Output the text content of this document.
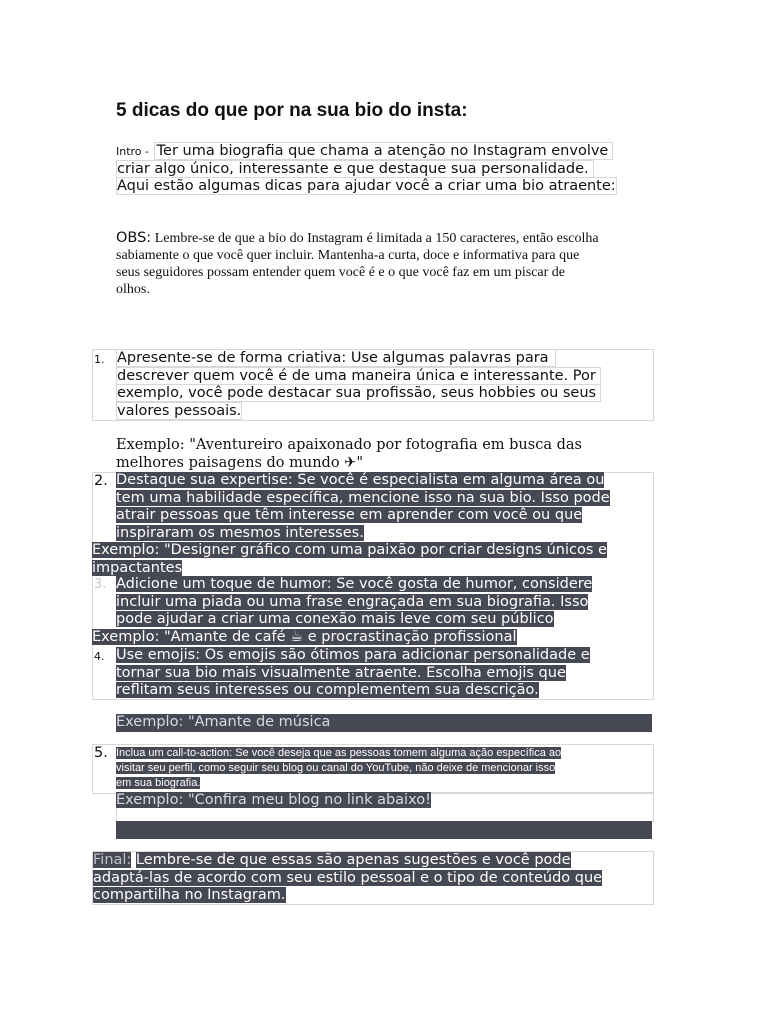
5 dicas do que por na sua bio do insta:
Intro - Ter uma biografia que chama a atenção no Instagram envolve
criar algo único, interessante e que destaque sua personalidade.
Aqui estão algumas dicas para ajudar você a criar uma bio atraente:
OBS: Lembre-se de que a bio do Instagram é limitada a 150 caracteres, então escolha
sabiamente o que você quer incluir. Mantenha-a curta, doce e informativa para que
seus seguidores possam entender quem você é e o que você faz em um piscar de
olhos.
1. Apresente-se de forma criativa: Use algumas palavras para
descrever quem você é de uma maneira única e interessante. Por
exemplo, você pode destacar sua profissão, seus hobbies ou seus
valores pessoais.
Exemplo: "Aventureiro apaixonado por fotografia em busca das
melhores paisagens do mundo ✈"
2. Destaque sua expertise: Se você é especialista em alguma área ou
tem uma habilidade específica, mencione isso na sua bio. Isso pode
atrair pessoas que têm interesse em aprender com você ou que
inspiraram os mesmos interesses.
Exemplo: "Designer gráfico com uma paixão por criar designs únicos e
impactantes
3. Adicione um toque de humor: Se você gosta de humor, considere
incluir uma piada ou uma frase engraçada em sua biografia. Isso
pode ajudar a criar uma conexão mais leve com seu público
Exemplo: "Amante de café ☕ e procrastinação profissional
4. Use emojis: Os emojis são ótimos para adicionar personalidade e
tornar sua bio mais visualmente atraente. Escolha emojis que
reflitam seus interesses ou complementem sua descrição.
Exemplo: "Amante de música
5. Inclua um call-to-action: Se você deseja que as pessoas tomem alguma ação específica ao
visitar seu perfil, como seguir seu blog ou canal do YouTube, não deixe de mencionar isso
em sua biografia.
Exemplo: "Confira meu blog no link abaixo!
Final: Lembre-se de que essas são apenas sugestões e você pode
adaptá-las de acordo com seu estilo pessoal e o tipo de conteúdo que
compartilha no Instagram.
